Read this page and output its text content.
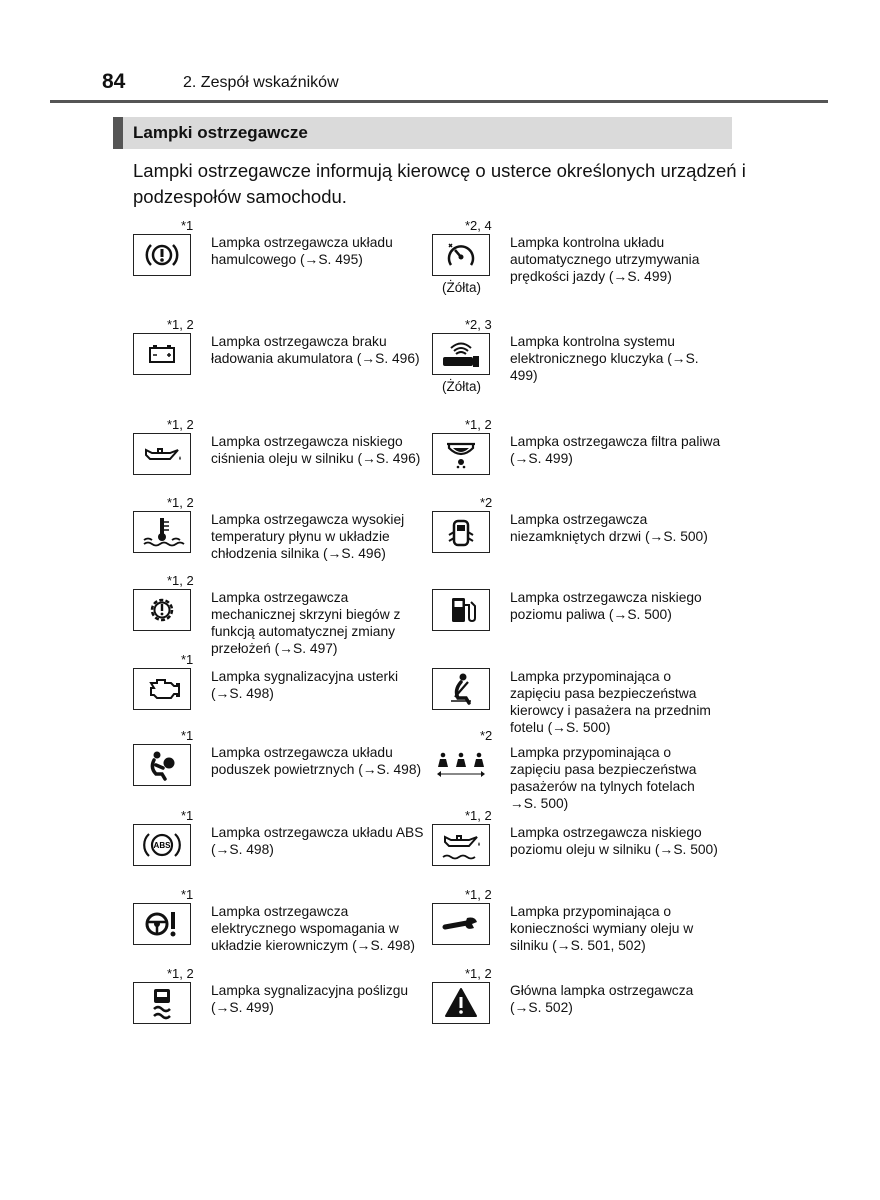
84	2. Zespół wskaźników
Lampki ostrzegawcze
Lampki ostrzegawcze informują kierowcę o usterce określonych urządzeń i podzespołów samochodu.
*1
Lampka ostrzegawcza układu hamulcowego (→S. 495)
*1, 2
Lampka ostrzegawcza braku ładowania akumulatora (→S. 496)
*1, 2
Lampka ostrzegawcza niskiego ciśnienia oleju w silniku (→S. 496)
*1, 2
Lampka ostrzegawcza wysokiej temperatury płynu w układzie chłodzenia silnika (→S. 496)
*1, 2
Lampka ostrzegawcza mechanicznej skrzyni biegów z funkcją automatycznej zmiany przełożeń (→S. 497)
*1
Lampka sygnalizacyjna usterki (→S. 498)
*1
Lampka ostrzegawcza układu poduszek powietrznych (→S. 498)
*1
ABS
Lampka ostrzegawcza układu ABS (→S. 498)
*1
Lampka ostrzegawcza elektrycznego wspomagania w układzie kierowniczym (→S. 498)
*1, 2
Lampka sygnalizacyjna poślizgu (→S. 499)
*2, 4
(Żółta)
Lampka kontrolna układu automatycznego utrzymywania prędkości jazdy (→S. 499)
*2, 3
(Żółta)
Lampka kontrolna systemu elektronicznego kluczyka (→S. 499)
*1, 2
Lampka ostrzegawcza filtra paliwa (→S. 499)
*2
Lampka ostrzegawcza niezamkniętych drzwi (→S. 500)
Lampka ostrzegawcza niskiego poziomu paliwa (→S. 500)
Lampka przypominająca o zapięciu pasa bezpieczeństwa kierowcy i pasażera na przednim fotelu (→S. 500)
*2
Lampka przypominająca o zapięciu pasa bezpieczeństwa pasażerów na tylnych fotelach →S. 500)
*1, 2
Lampka ostrzegawcza niskiego poziomu oleju w silniku (→S. 500)
*1, 2
Lampka przypominająca o konieczności wymiany oleju w silniku (→S. 501, 502)
*1, 2
Główna lampka ostrzegawcza (→S. 502)
